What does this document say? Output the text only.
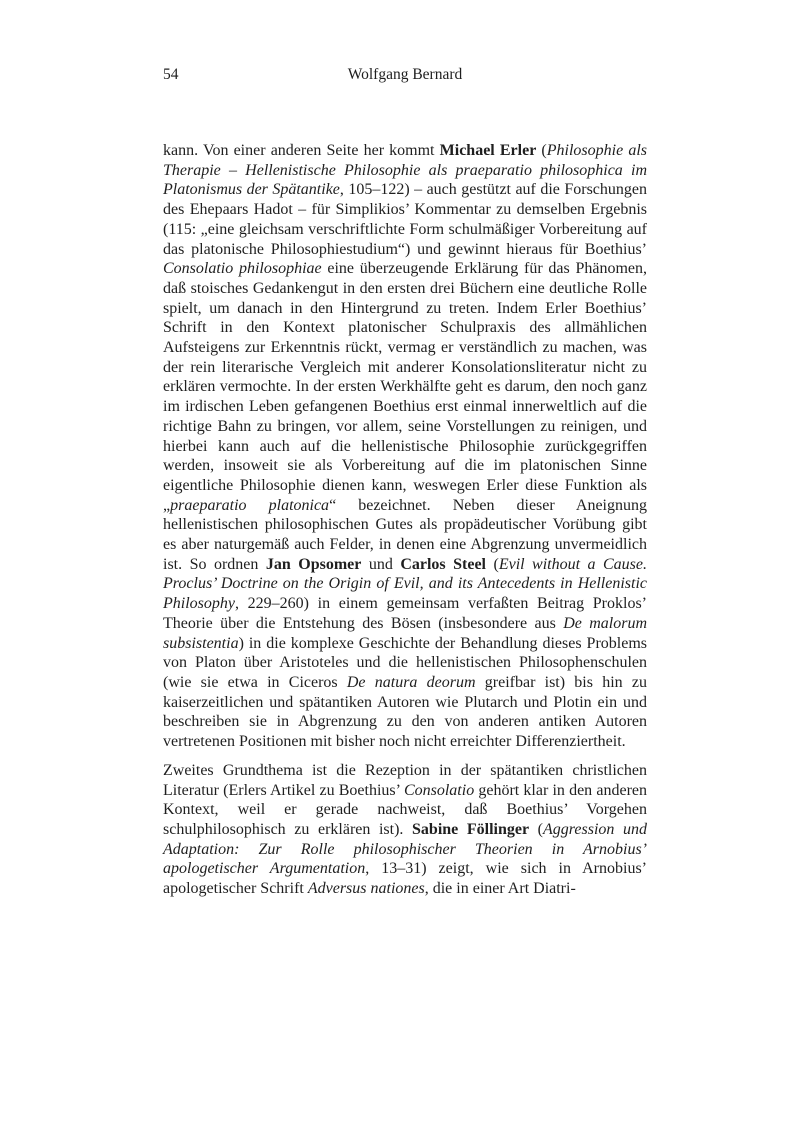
54	Wolfgang Bernard

kann. Von einer anderen Seite her kommt Michael Erler (Philosophie als Therapie – Hellenistische Philosophie als praeparatio philosophica im Platonismus der Spätantike, 105–122) – auch gestützt auf die Forschungen des Ehepaars Hadot – für Simplikios’ Kommentar zu demselben Ergebnis (115: „eine gleichsam verschriftlichte Form schulmäßiger Vorbereitung auf das platonische Philosophiestudium“) und gewinnt hieraus für Boethius’ Consolatio philosophiae eine überzeugende Erklärung für das Phänomen, daß stoisches Gedankengut in den ersten drei Büchern eine deutliche Rolle spielt, um danach in den Hintergrund zu treten. Indem Erler Boethius’ Schrift in den Kontext platonischer Schulpraxis des allmählichen Aufsteigens zur Erkenntnis rückt, vermag er verständlich zu machen, was der rein literarische Vergleich mit anderer Konsolationsliteratur nicht zu erklären vermochte. In der ersten Werkhälfte geht es darum, den noch ganz im irdischen Leben gefangenen Boethius erst einmal innerweltlich auf die richtige Bahn zu bringen, vor allem, seine Vorstellungen zu reinigen, und hierbei kann auch auf die hellenistische Philosophie zurückgegriffen werden, insoweit sie als Vorbereitung auf die im platonischen Sinne eigentliche Philosophie dienen kann, weswegen Erler diese Funktion als „praeparatio platonica“ bezeichnet. Neben dieser Aneignung hellenistischen philosophischen Gutes als propädeutischer Vorübung gibt es aber naturgemäß auch Felder, in denen eine Abgrenzung unvermeidlich ist. So ordnen Jan Opsomer und Carlos Steel (Evil without a Cause. Proclus’ Doctrine on the Origin of Evil, and its Antecedents in Hellenistic Philosophy, 229–260) in einem gemeinsam verfaßten Beitrag Proklos’ Theorie über die Entstehung des Bösen (insbesondere aus De malorum subsistentia) in die komplexe Geschichte der Behandlung dieses Problems von Platon über Aristoteles und die hellenistischen Philosophenschulen (wie sie etwa in Ciceros De natura deorum greifbar ist) bis hin zu kaiserzeitlichen und spätantiken Autoren wie Plutarch und Plotin ein und beschreiben sie in Abgrenzung zu den von anderen antiken Autoren vertretenen Positionen mit bisher noch nicht erreichter Differenziertheit.

Zweites Grundthema ist die Rezeption in der spätantiken christlichen Literatur (Erlers Artikel zu Boethius’ Consolatio gehört klar in den anderen Kontext, weil er gerade nachweist, daß Boethius’ Vorgehen schulphilosophisch zu erklären ist). Sabine Föllinger (Aggression und Adaptation: Zur Rolle philosophischer Theorien in Arnobius’ apologetischer Argumentation, 13–31) zeigt, wie sich in Arnobius’ apologetischer Schrift Adversus nationes, die in einer Art Diatri-
